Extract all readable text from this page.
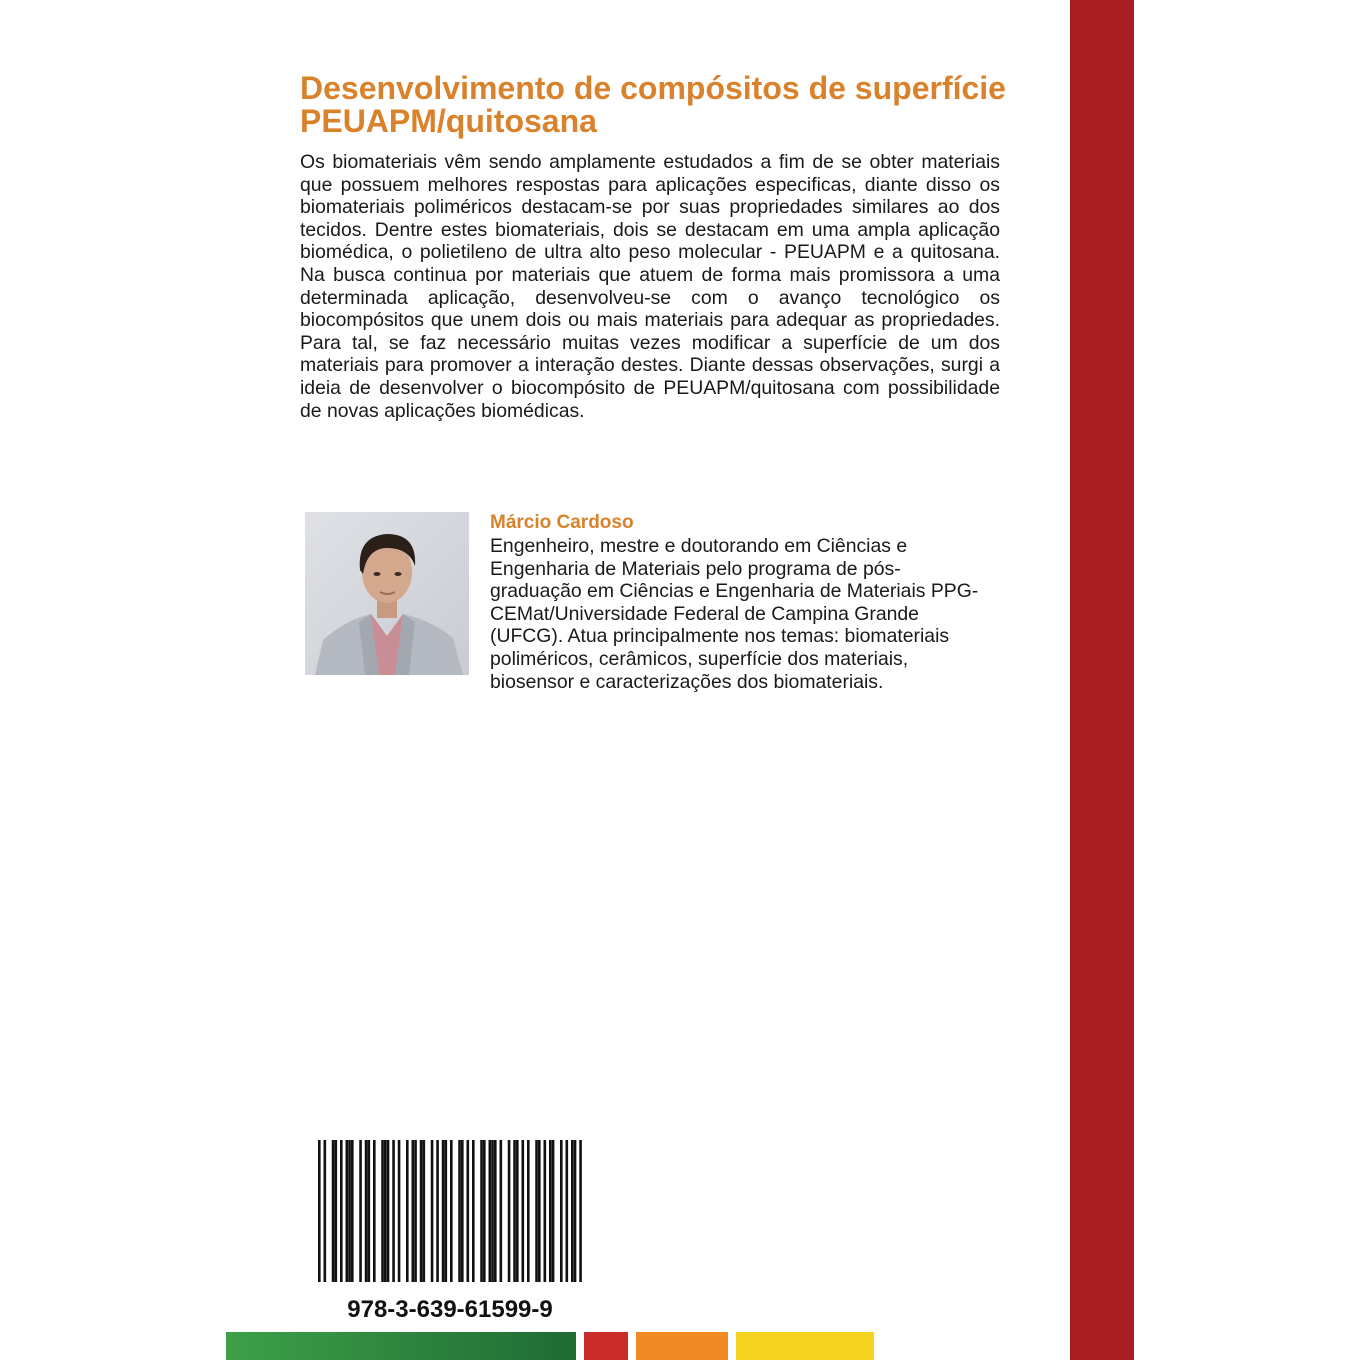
Desenvolvimento de compósitos de superfície PEUAPM/quitosana

Os biomateriais vêm sendo amplamente estudados a fim de se obter materiais que possuem melhores respostas para aplicações especificas, diante disso os biomateriais poliméricos destacam-se por suas propriedades similares ao dos tecidos. Dentre estes biomateriais, dois se destacam em uma ampla aplicação biomédica, o polietileno de ultra alto peso molecular - PEUAPM e a quitosana. Na busca continua por materiais que atuem de forma mais promissora a uma determinada aplicação, desenvolveu-se com o avanço tecnológico os biocompósitos que unem dois ou mais materiais para adequar as propriedades. Para tal, se faz necessário muitas vezes modificar a superfície de um dos materiais para promover a interação destes. Diante dessas observações, surgi a ideia de desenvolver o biocompósito de PEUAPM/quitosana com possibilidade de novas aplicações biomédicas.

Márcio Cardoso

Engenheiro, mestre e doutorando em Ciências e Engenharia de Materiais pelo programa de pós-graduação em Ciências e Engenharia de Materiais PPG-CEMat/Universidade Federal de Campina Grande (UFCG). Atua principalmente nos temas: biomateriais poliméricos, cerâmicos, superfície dos materiais, biosensor e caracterizações dos biomateriais.

978-3-639-61599-9
